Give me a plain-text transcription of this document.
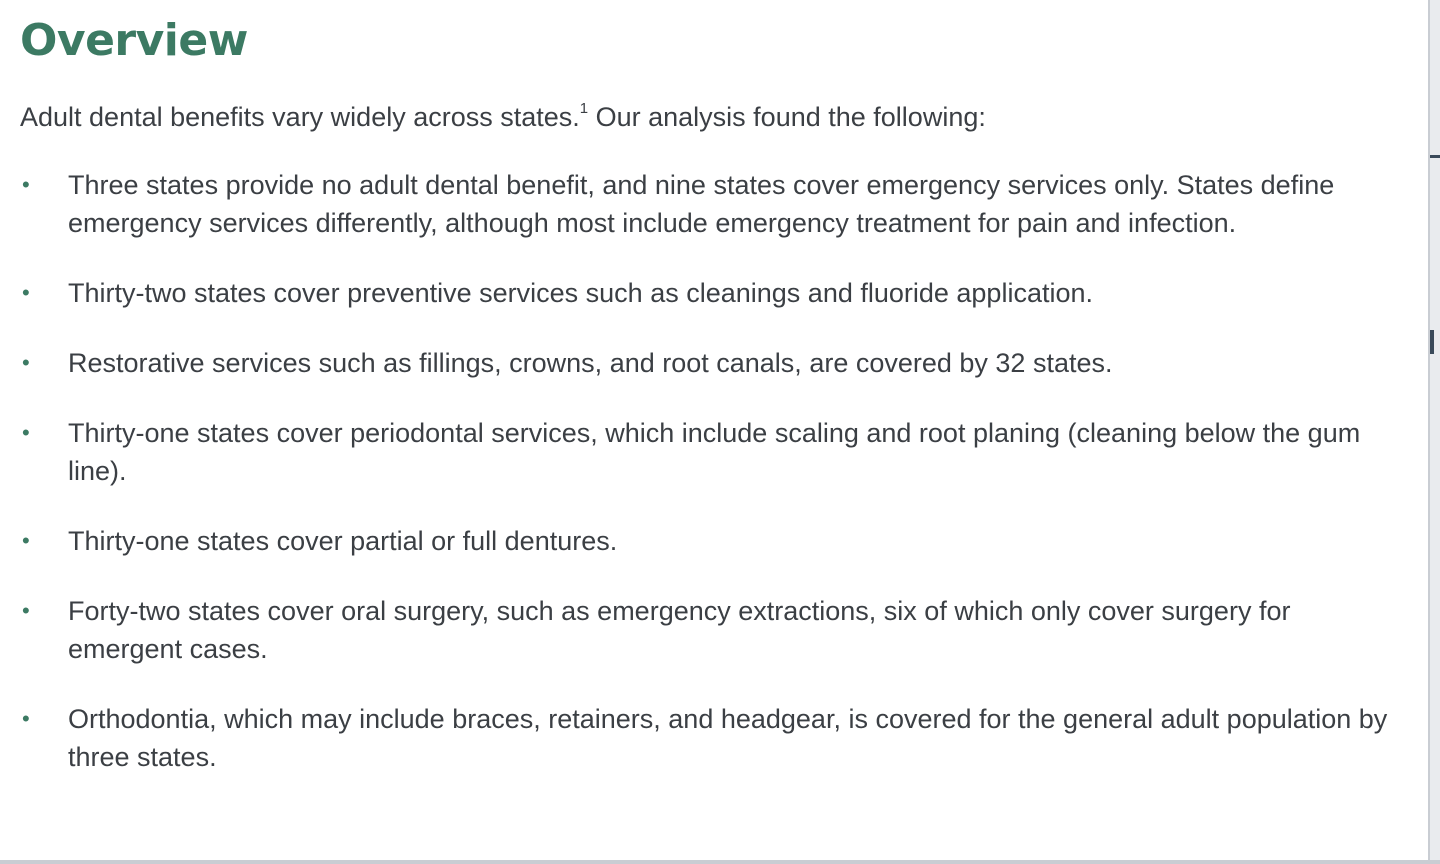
Overview

Adult dental benefits vary widely across states.$^1$ Our analysis found the following:

• Three states provide no adult dental benefit, and nine states cover emergency services only. States define emergency services differently, although most include emergency treatment for pain and infection.
• Thirty-two states cover preventive services such as cleanings and fluoride application.
• Restorative services such as fillings, crowns, and root canals, are covered by 32 states.
• Thirty-one states cover periodontal services, which include scaling and root planing (cleaning below the gum line).
• Thirty-one states cover partial or full dentures.
• Forty-two states cover oral surgery, such as emergency extractions, six of which only cover surgery for emergent cases.
• Orthodontia, which may include braces, retainers, and headgear, is covered for the general adult population by three states.
